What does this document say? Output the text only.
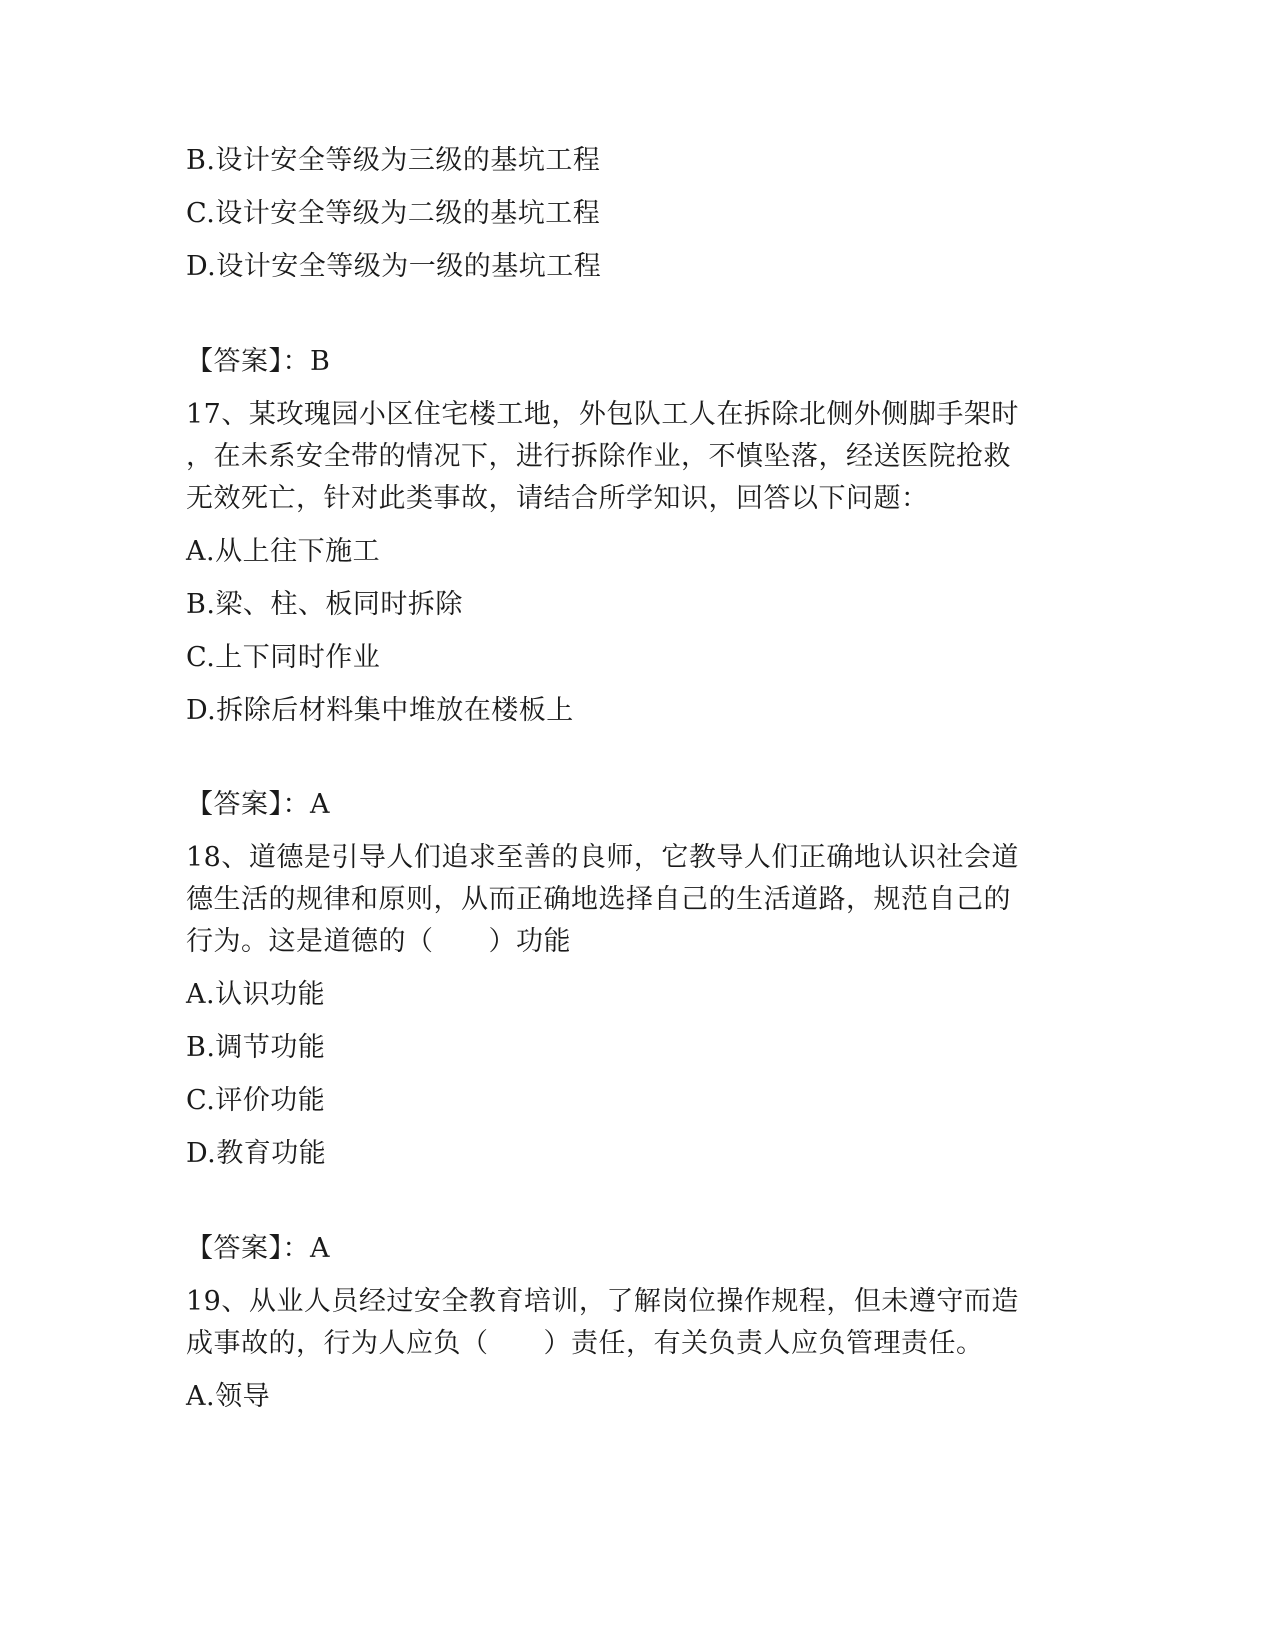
B.设计安全等级为三级的基坑工程
C.设计安全等级为二级的基坑工程
D.设计安全等级为一级的基坑工程
【答案】：B
17、某玫瑰园小区住宅楼工地，外包队工人在拆除北侧外侧脚手架时
，在未系安全带的情况下，进行拆除作业，不慎坠落，经送医院抢救
无效死亡，针对此类事故，请结合所学知识，回答以下问题：
A.从上往下施工
B.梁、柱、板同时拆除
C.上下同时作业
D.拆除后材料集中堆放在楼板上
【答案】：A
18、道德是引导人们追求至善的良师，它教导人们正确地认识社会道
德生活的规律和原则，从而正确地选择自己的生活道路，规范自己的
行为。这是道德的（　　）功能
A.认识功能
B.调节功能
C.评价功能
D.教育功能
【答案】：A
19、从业人员经过安全教育培训，了解岗位操作规程，但未遵守而造
成事故的，行为人应负（　　）责任，有关负责人应负管理责任。
A.领导
